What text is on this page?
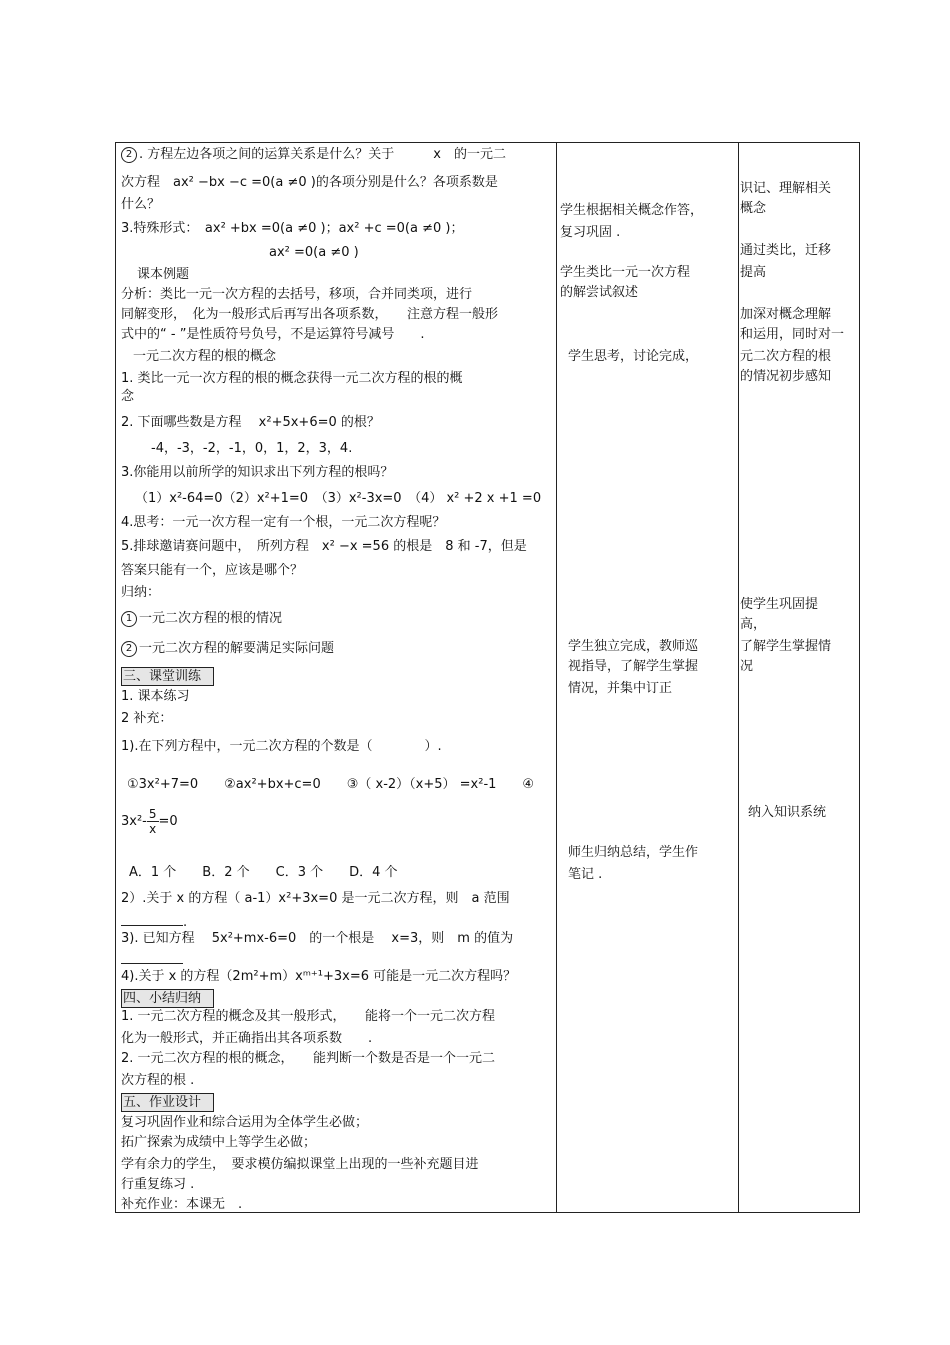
2 . 方程左边各项之间的运算关系是什么？关于　　　x　的一元二
次方程　ax² −bx −c =0(a ≠0 )的各项分别是什么？各项系数是
什么？
3.特殊形式：　ax² +bx =0(a ≠0 )；ax² +c =0(a ≠0 )；
ax² =0(a ≠0 )
课本例题
分析：类比一元一次方程的去括号，移项，合并同类项，进行
同解变形，　化为一般形式后再写出各项系数，　　注意方程一般形
式中的“ - ”是性质符号负号，不是运算符号减号　　.
一元二次方程的根的概念
1. 类比一元一次方程的根的概念获得一元二次方程的根的概
念
2. 下面哪些数是方程　 x²+5x+6=0 的根？
-4，-3，-2，-1，0，1，2，3，4.
3.你能用以前所学的知识求出下列方程的根吗？
（1）x²-64=0（2）x²+1=0　（3）x²-3x=0　（4） x² +2 x +1 =0
4.思考：一元一次方程一定有一个根，一元二次方程呢？
5.排球邀请赛问题中，　所列方程　x² −x =56 的根是　8 和 -7，但是
答案只能有一个，应该是哪个？
归纳：
1 一元二次方程的根的情况
2 一元二次方程的解要满足实际问题
三、课堂训练
1. 课本练习
2 补充：
1).在下列方程中，一元二次方程的个数是（　　　　）.
①3x²+7=0　　②ax²+bx+c=0　　③（ x-2）（x+5） =x²-1　　④
$3x^2- \frac{5}{x} =0$
A．1 个　　B．2 个　　C．3 个　　D．4 个
2）.关于 x 的方程（ a-1）x²+3x=0 是一元二次方程，则　a 范围
.
3). 已知方程　 5x²+mx-6=0　的一个根是　 x=3，则　m 的值为
4).关于 x 的方程（2m²+m）xᵐ⁺¹+3x=6 可能是一元二次方程吗？
四、小结归纳
1. 一元二次方程的概念及其一般形式，　　能将一个一元二次方程
化为一般形式，并正确指出其各项系数　　.
2. 一元二次方程的根的概念，　　能判断一个数是否是一个一元二
次方程的根 .
五、作业设计
复习巩固作业和综合运用为全体学生必做；
拓广探索为成绩中上等学生必做；
学有余力的学生，　要求模仿编拟课堂上出现的一些补充题目进
行重复练习 .
补充作业：本课无　.
学生根据相关概念作答，
复习巩固 .
学生类比一元一次方程
的解尝试叙述
学生思考，讨论完成，
学生独立完成，教师巡
视指导，了解学生掌握
情况，并集中订正
师生归纳总结，学生作
笔记 .
识记、理解相关
概念
通过类比，迁移
提高
加深对概念理解
和运用，同时对一
元二次方程的根
的情况初步感知
使学生巩固提
高，
了解学生掌握情
况
纳入知识系统
